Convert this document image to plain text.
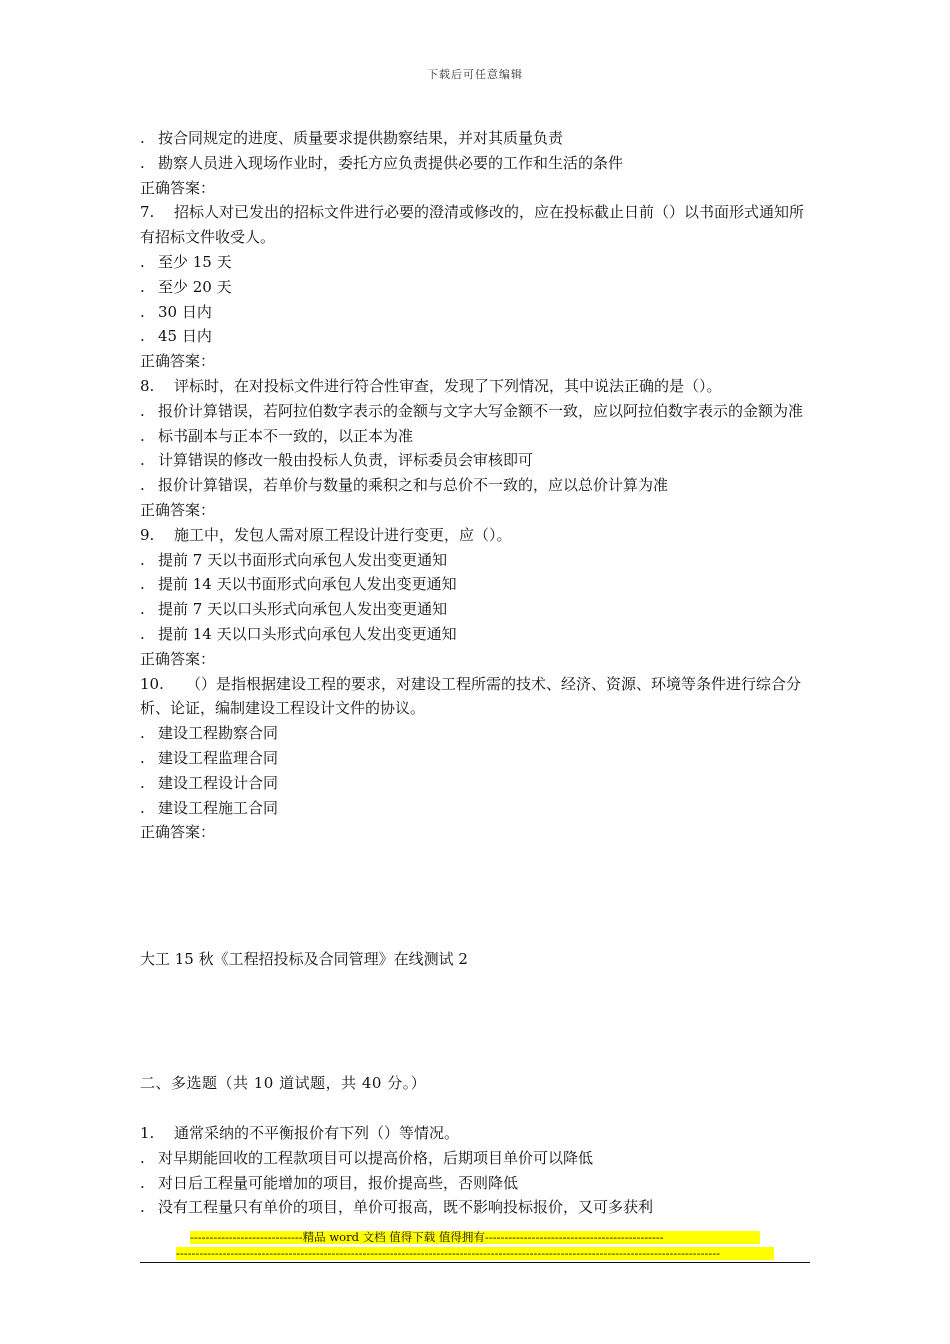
下载后可任意编辑
. 按合同规定的进度、质量要求提供勘察结果，并对其质量负责
. 勘察人员进入现场作业时，委托方应负责提供必要的工作和生活的条件
正确答案：
7. 招标人对已发出的招标文件进行必要的澄清或修改的，应在投标截止日前（）以书面形式通知所有招标文件收受人。
. 至少 15 天
. 至少 20 天
. 30 日内
. 45 日内
正确答案：
8. 评标时，在对投标文件进行符合性审查，发现了下列情况，其中说法正确的是（）。
. 报价计算错误，若阿拉伯数字表示的金额与文字大写金额不一致，应以阿拉伯数字表示的金额为准
. 标书副本与正本不一致的，以正本为准
. 计算错误的修改一般由投标人负责，评标委员会审核即可
. 报价计算错误，若单价与数量的乘积之和与总价不一致的，应以总价计算为准
正确答案：
9. 施工中，发包人需对原工程设计进行变更，应（）。
. 提前 7 天以书面形式向承包人发出变更通知
. 提前 14 天以书面形式向承包人发出变更通知
. 提前 7 天以口头形式向承包人发出变更通知
. 提前 14 天以口头形式向承包人发出变更通知
正确答案：
10. （）是指根据建设工程的要求，对建设工程所需的技术、经济、资源、环境等条件进行综合分析、论证，编制建设工程设计文件的协议。
. 建设工程勘察合同
. 建设工程监理合同
. 建设工程设计合同
. 建设工程施工合同
正确答案：
大工 15 秋《工程招投标及合同管理》在线测试 2
二、多选题（共 10 道试题，共 40 分。）
1. 通常采纳的不平衡报价有下列（）等情况。
. 对早期能回收的工程款项目可以提高价格，后期项目单价可以降低
. 对日后工程量可能增加的项目，报价提高些，否则降低
. 没有工程量只有单价的项目，单价可报高，既不影响投标报价，又可多获利
-----------------------------精品 word 文档 值得下载 值得拥有----------------------------------------------
--------------------------------------------------------------------------------------------------------------------------------------------
